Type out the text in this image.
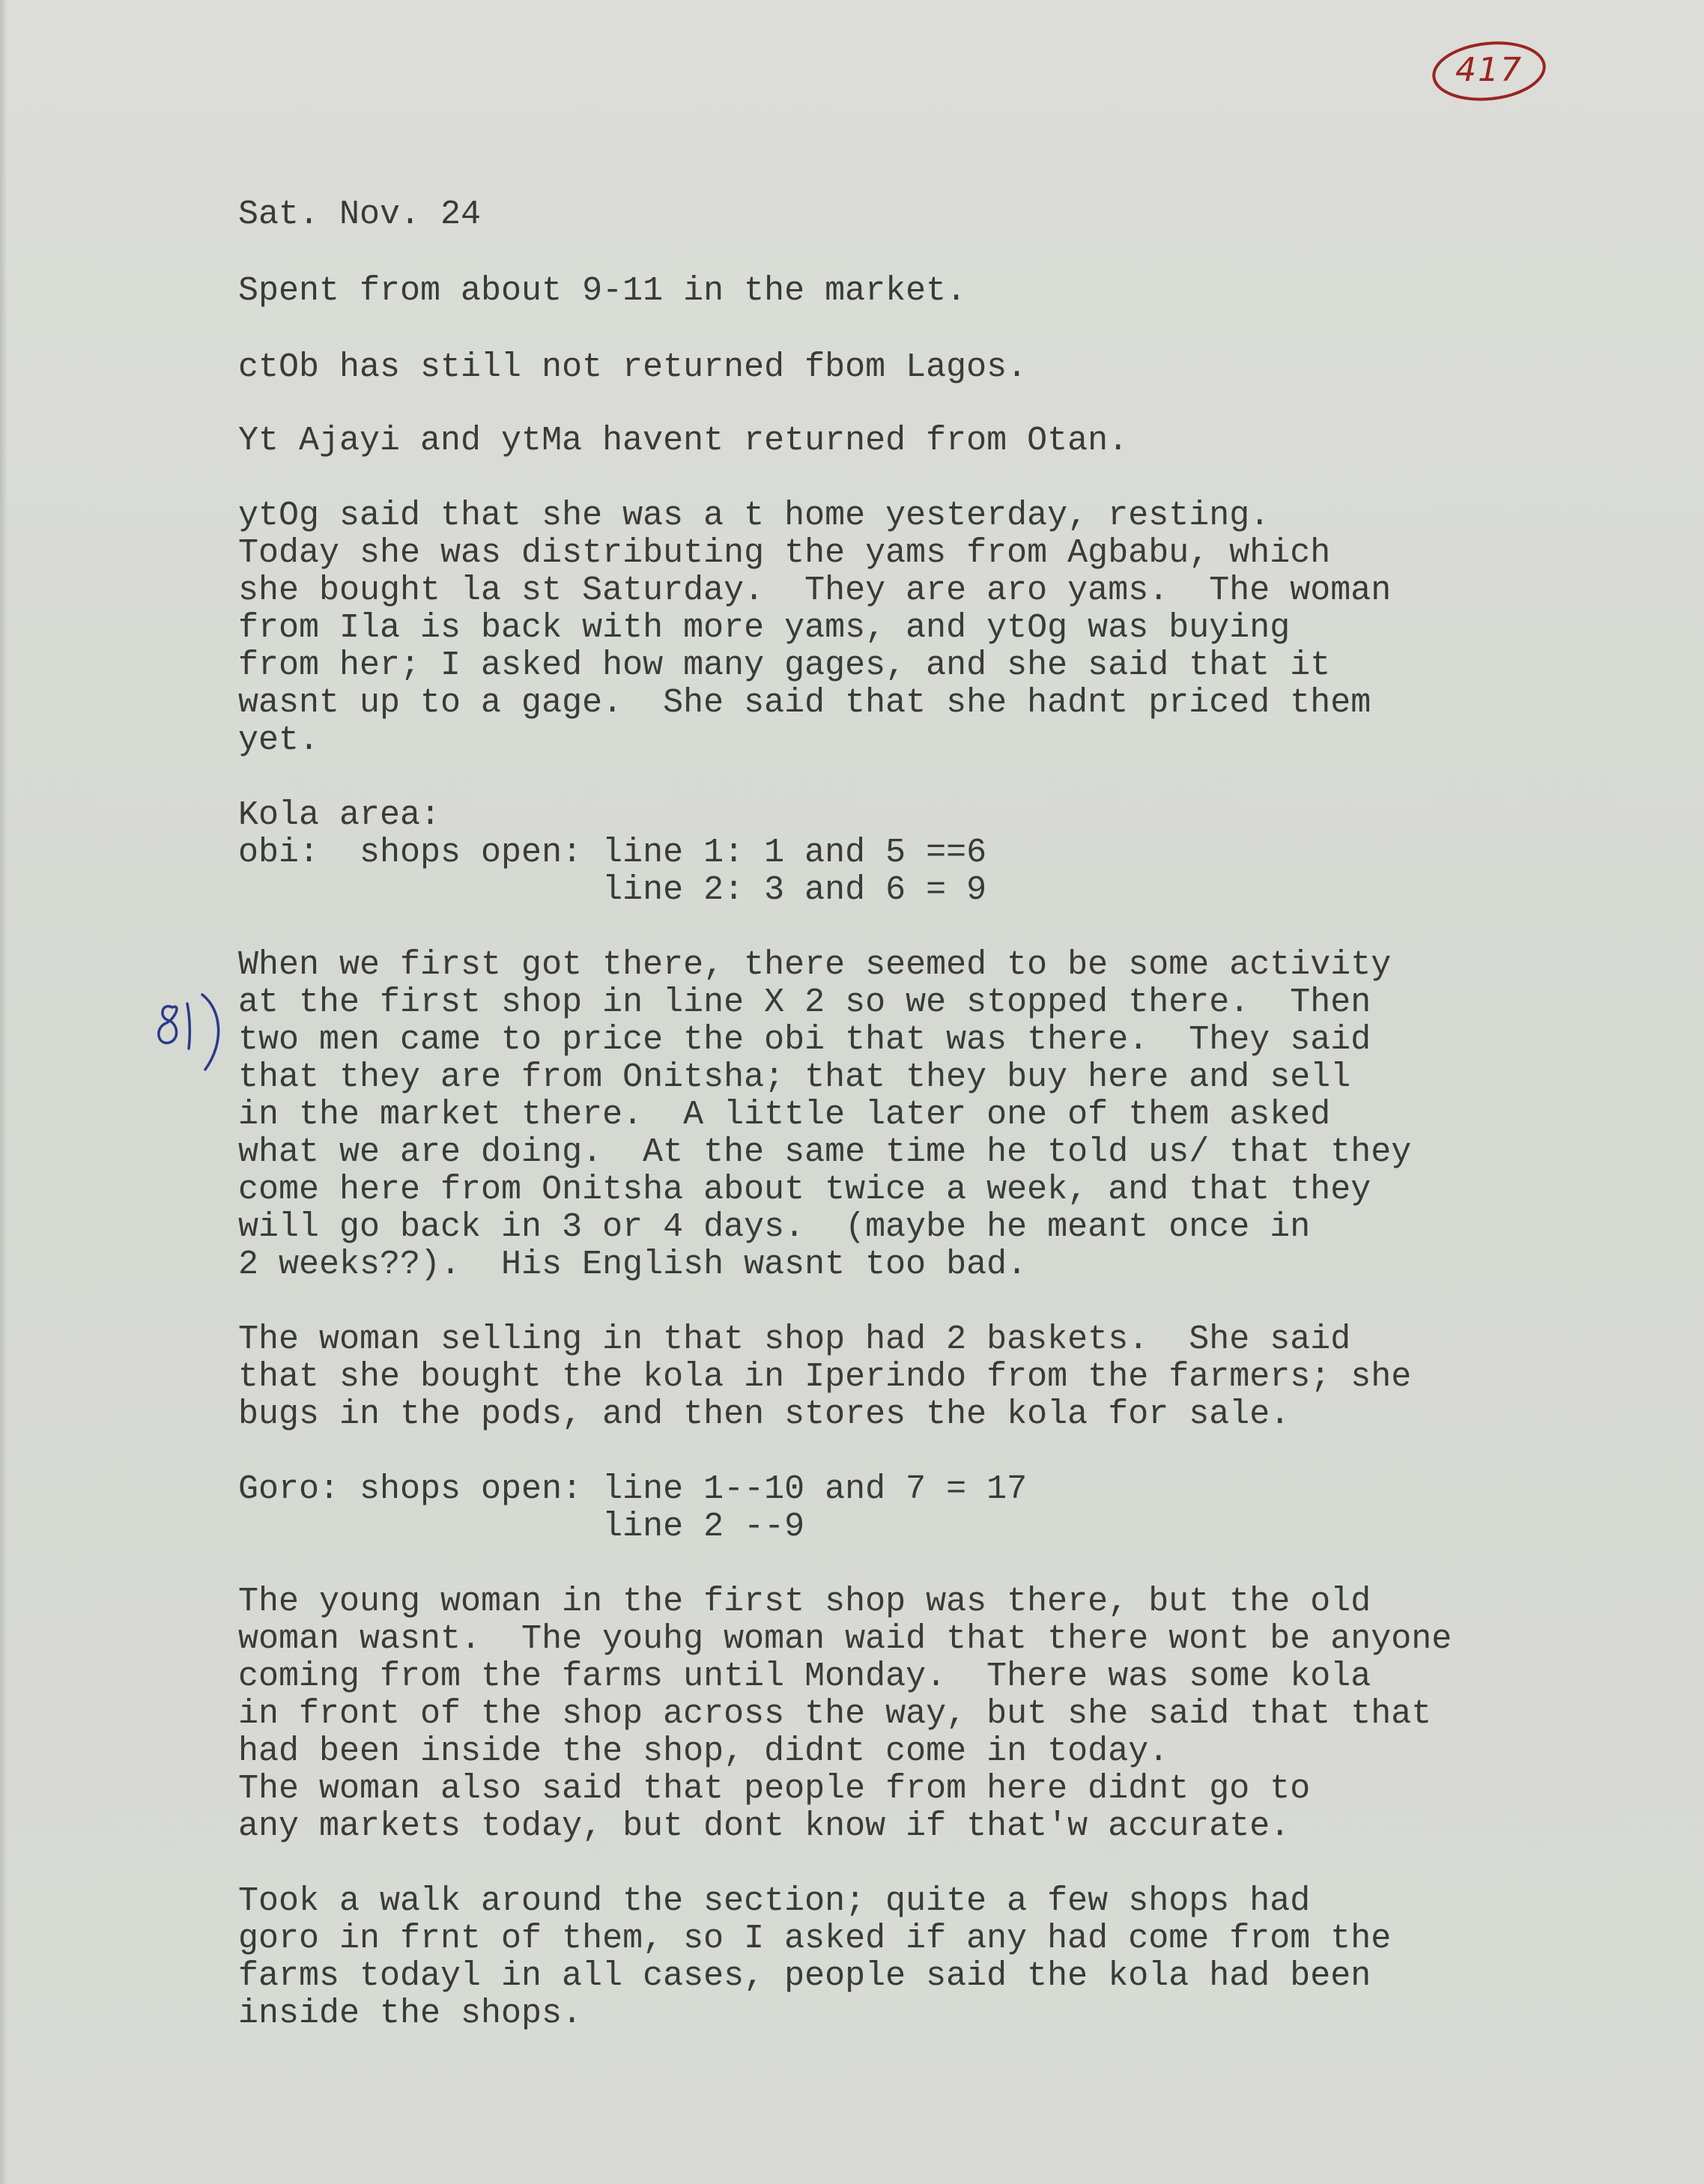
417
Sat. Nov. 24
Spent from about 9-11 in the market.
ctOb has still not returned fbom Lagos.
Yt Ajayi and ytMa havent returned from Otan.
ytOg said that she was a t home yesterday, resting.
Today she was distributing the yams from Agbabu, which
she bought la st Saturday.  They are aro yams.  The woman
from Ila is back with more yams, and ytOg was buying
from her; I asked how many gages, and she said that it
wasnt up to a gage.  She said that she hadnt priced them
yet.
Kola area:
obi:  shops open: line 1: 1 and 5 ==6
line 2: 3 and 6 = 9
When we first got there, there seemed to be some activity
at the first shop in line X 2 so we stopped there.  Then
two men came to price the obi that was there.  They said
that they are from Onitsha; that they buy here and sell
in the market there.  A little later one of them asked
what we are doing.  At the same time he told us/ that they
come here from Onitsha about twice a week, and that they
will go back in 3 or 4 days.  (maybe he meant once in
2 weeks??).  His English wasnt too bad.
The woman selling in that shop had 2 baskets.  She said
that she bought the kola in Iperindo from the farmers; she
bugs in the pods, and then stores the kola for sale.
Goro: shops open: line 1--10 and 7 = 17
line 2 --9
The young woman in the first shop was there, but the old
woman wasnt.  The youhg woman waid that there wont be anyone
coming from the farms until Monday.  There was some kola
in front of the shop across the way, but she said that that
had been inside the shop, didnt come in today.
The woman also said that people from here didnt go to
any markets today, but dont know if that'w accurate.
Took a walk around the section; quite a few shops had
goro in frnt of them, so I asked if any had come from the
farms todayl in all cases, people said the kola had been
inside the shops.
